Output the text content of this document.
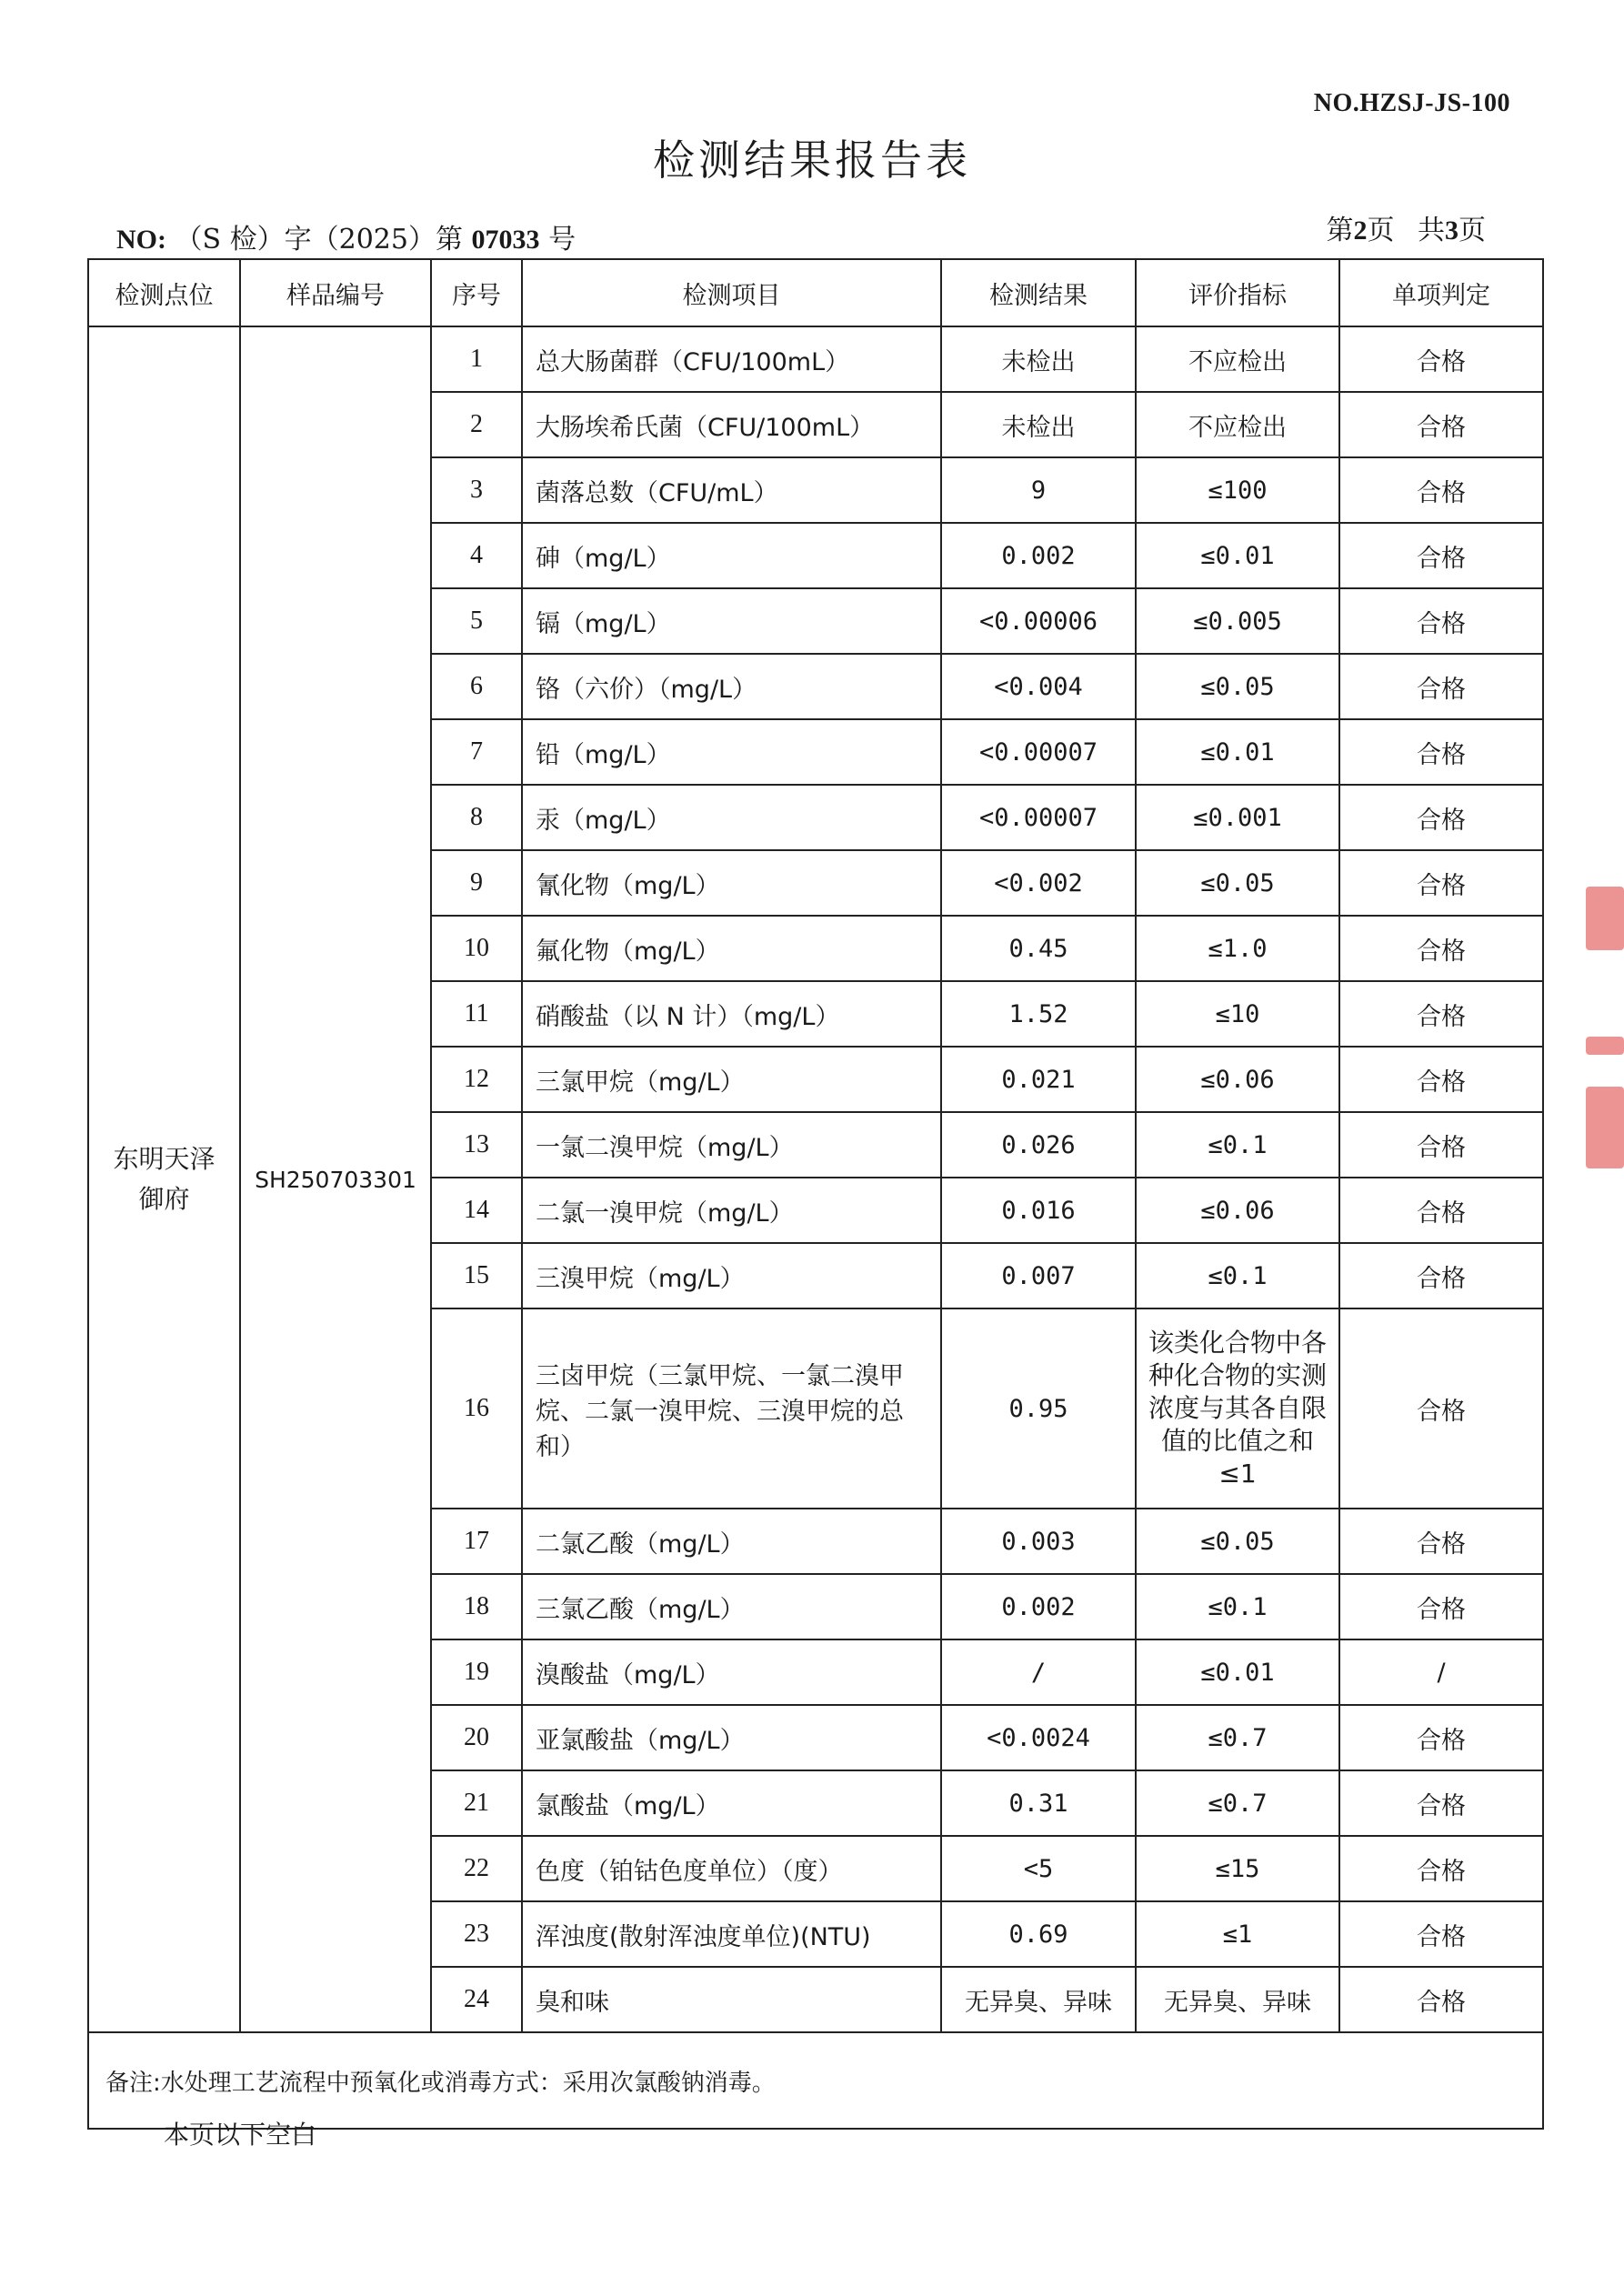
NO.HZSJ-JS-100
检测结果报告表
NO: （S 检）字（2025）第 07033 号	第2页 共3页
检测点位	样品编号	序号	检测项目	检测结果	评价指标	单项判定
东明天泽御府	SH250703301	1	总大肠菌群（CFU/100mL）	未检出	不应检出	合格
		2	大肠埃希氏菌（CFU/100mL）	未检出	不应检出	合格
		3	菌落总数（CFU/mL）	9	≤100	合格
		4	砷（mg/L）	0.002	≤0.01	合格
		5	镉（mg/L）	<0.00006	≤0.005	合格
		6	铬（六价）（mg/L）	<0.004	≤0.05	合格
		7	铅（mg/L）	<0.00007	≤0.01	合格
		8	汞（mg/L）	<0.00007	≤0.001	合格
		9	氰化物（mg/L）	<0.002	≤0.05	合格
		10	氟化物（mg/L）	0.45	≤1.0	合格
		11	硝酸盐（以 N 计）（mg/L）	1.52	≤10	合格
		12	三氯甲烷（mg/L）	0.021	≤0.06	合格
		13	一氯二溴甲烷（mg/L）	0.026	≤0.1	合格
		14	二氯一溴甲烷（mg/L）	0.016	≤0.06	合格
		15	三溴甲烷（mg/L）	0.007	≤0.1	合格
		16	三卤甲烷（三氯甲烷、一氯二溴甲烷、二氯一溴甲烷、三溴甲烷的总和）	0.95	该类化合物中各种化合物的实测浓度与其各自限值的比值之和≤1	合格
		17	二氯乙酸（mg/L）	0.003	≤0.05	合格
		18	三氯乙酸（mg/L）	0.002	≤0.1	合格
		19	溴酸盐（mg/L）	/	≤0.01	/
		20	亚氯酸盐（mg/L）	<0.0024	≤0.7	合格
		21	氯酸盐（mg/L）	0.31	≤0.7	合格
		22	色度（铂钴色度单位）（度）	<5	≤15	合格
		23	浑浊度(散射浑浊度单位)(NTU)	0.69	≤1	合格
		24	臭和味	无异臭、异味	无异臭、异味	合格
备注:水处理工艺流程中预氧化或消毒方式：采用次氯酸钠消毒。						
本页以下空白
